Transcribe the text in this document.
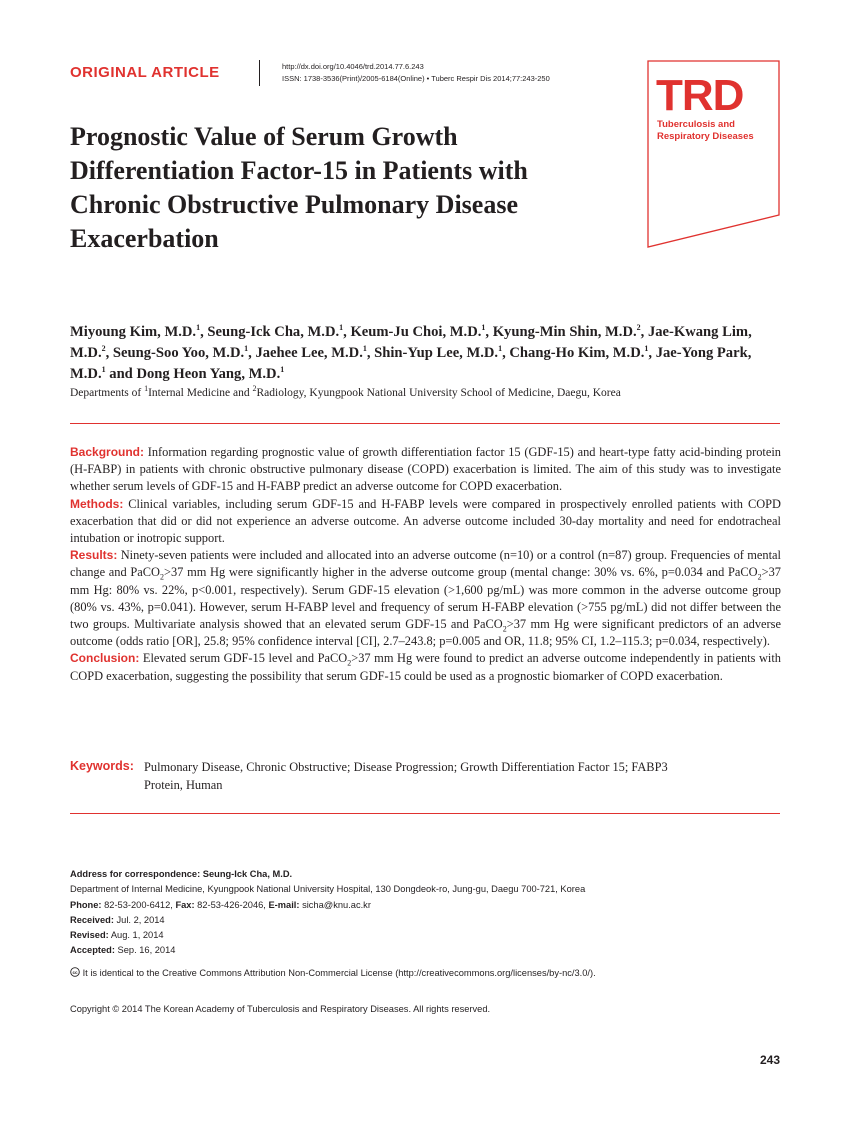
ORIGINAL ARTICLE	http://dx.doi.org/10.4046/trd.2014.77.6.243
ISSN: 1738-3536(Print)/2005-6184(Online) • Tuberc Respir Dis 2014;77:243-250 TRD
Tuberculosis and
Respiratory Diseases
Prognostic Value of Serum Growth
Differentiation Factor-15 in Patients with
Chronic Obstructive Pulmonary Disease
Exacerbation
Miyoung Kim, M.D.$^1$, Seung-Ick Cha, M.D.$^1$, Keum-Ju Choi, M.D.$^1$, Kyung-Min Shin, M.D.$^2$, Jae-Kwang Lim, M.D.$^2$, Seung-Soo Yoo, M.D.$^1$, Jaehee Lee, M.D.$^1$, Shin-Yup Lee, M.D.$^1$, Chang-Ho Kim, M.D.$^1$, Jae-Yong Park, M.D.$^1$ and Dong Heon Yang, M.D.$^1$
Departments of $^1$Internal Medicine and $^2$Radiology, Kyungpook National University School of Medicine, Daegu, Korea

Background: Information regarding prognostic value of growth differentiation factor 15 (GDF-15) and heart-type fatty acid-binding protein (H-FABP) in patients with chronic obstructive pulmonary disease (COPD) exacerbation is limited. The aim of this study was to investigate whether serum levels of GDF-15 and H-FABP predict an adverse outcome for COPD exacerbation.

Methods: Clinical variables, including serum GDF-15 and H-FABP levels were compared in prospectively enrolled patients with COPD exacerbation that did or did not experience an adverse outcome. An adverse outcome included 30-day mortality and need for endotracheal intubation or inotropic support.

Results: Ninety-seven patients were included and allocated into an adverse outcome (n=10) or a control (n=87) group. Frequencies of mental change and PaCO$_2$>37 mm Hg were significantly higher in the adverse outcome group (mental change: 30% vs. 6%, p=0.034 and PaCO$_2$>37 mm Hg: 80% vs. 22%, p<0.001, respectively). Serum GDF-15 elevation (>1,600 pg/mL) was more common in the adverse outcome group (80% vs. 43%, p=0.041). However, serum H-FABP level and frequency of serum H-FABP elevation (>755 pg/mL) did not differ between the two groups. Multivariate analysis showed that an elevated serum GDF-15 and PaCO$_2$>37 mm Hg were significant predictors of an adverse outcome (odds ratio [OR], 25.8; 95% confidence interval [CI], 2.7–243.8; p=0.005 and OR, 11.8; 95% CI, 1.2–115.3; p=0.034, respectively).

Conclusion: Elevated serum GDF-15 level and PaCO$_2$>37 mm Hg were found to predict an adverse outcome independently in patients with COPD exacerbation, suggesting the possibility that serum GDF-15 could be used as a prognostic biomarker of COPD exacerbation.

Keywords: Pulmonary Disease, Chronic Obstructive; Disease Progression; Growth Differentiation Factor 15; FABP3
Protein, Human
Address for correspondence: Seung-Ick Cha, M.D.
Department of Internal Medicine, Kyungpook National University Hospital, 130 Dongdeok-ro, Jung-gu, Daegu 700-721, Korea
Phone: 82-53-200-6412, Fax: 82-53-426-2046, E-mail: sicha@knu.ac.kr
Received: Jul. 2, 2014
Revised: Aug. 1, 2014
Accepted: Sep. 16, 2014
cc It is identical to the Creative Commons Attribution Non-Commercial License (http://creativecommons.org/licenses/by-nc/3.0/).
Copyright © 2014 The Korean Academy of Tuberculosis and Respiratory Diseases. All rights reserved.
243
